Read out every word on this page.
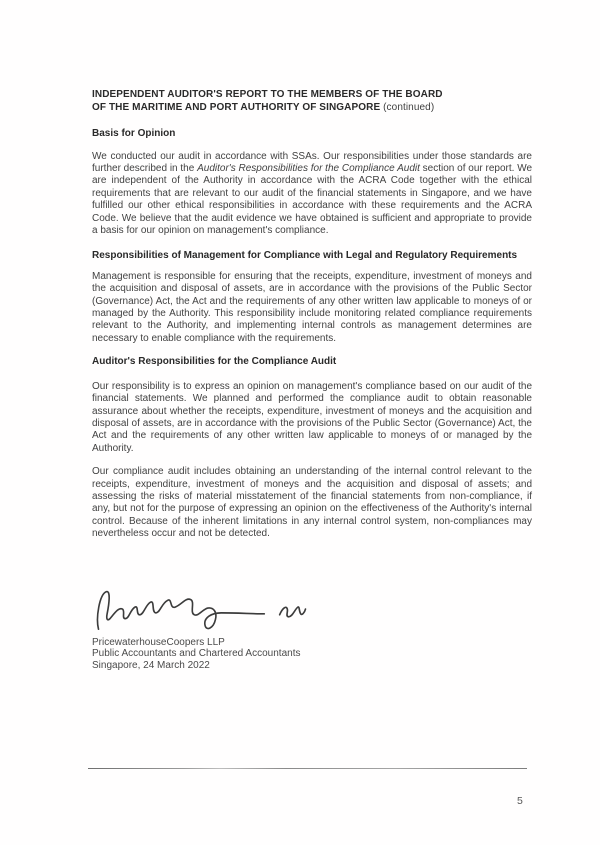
INDEPENDENT AUDITOR'S REPORT TO THE MEMBERS OF THE BOARD
OF THE MARITIME AND PORT AUTHORITY OF SINGAPORE (continued)
Basis for Opinion

We conducted our audit in accordance with SSAs. Our responsibilities under those standards are further described in the Auditor's Responsibilities for the Compliance Audit section of our report. We are independent of the Authority in accordance with the ACRA Code together with the ethical requirements that are relevant to our audit of the financial statements in Singapore, and we have fulfilled our other ethical responsibilities in accordance with these requirements and the ACRA Code. We believe that the audit evidence we have obtained is sufficient and appropriate to provide a basis for our opinion on management's compliance.

Responsibilities of Management for Compliance with Legal and Regulatory Requirements

Management is responsible for ensuring that the receipts, expenditure, investment of moneys and the acquisition and disposal of assets, are in accordance with the provisions of the Public Sector (Governance) Act, the Act and the requirements of any other written law applicable to moneys of or managed by the Authority. This responsibility include monitoring related compliance requirements relevant to the Authority, and implementing internal controls as management determines are necessary to enable compliance with the requirements.

Auditor's Responsibilities for the Compliance Audit

Our responsibility is to express an opinion on management's compliance based on our audit of the financial statements. We planned and performed the compliance audit to obtain reasonable assurance about whether the receipts, expenditure, investment of moneys and the acquisition and disposal of assets, are in accordance with the provisions of the Public Sector (Governance) Act, the Act and the requirements of any other written law applicable to moneys of or managed by the Authority.

Our compliance audit includes obtaining an understanding of the internal control relevant to the receipts, expenditure, investment of moneys and the acquisition and disposal of assets; and assessing the risks of material misstatement of the financial statements from non-compliance, if any, but not for the purpose of expressing an opinion on the effectiveness of the Authority's internal control. Because of the inherent limitations in any internal control system, non-compliances may nevertheless occur and not be detected.

PricewaterhouseCoopers LLP
Public Accountants and Chartered Accountants
Singapore, 24 March 2022
5
